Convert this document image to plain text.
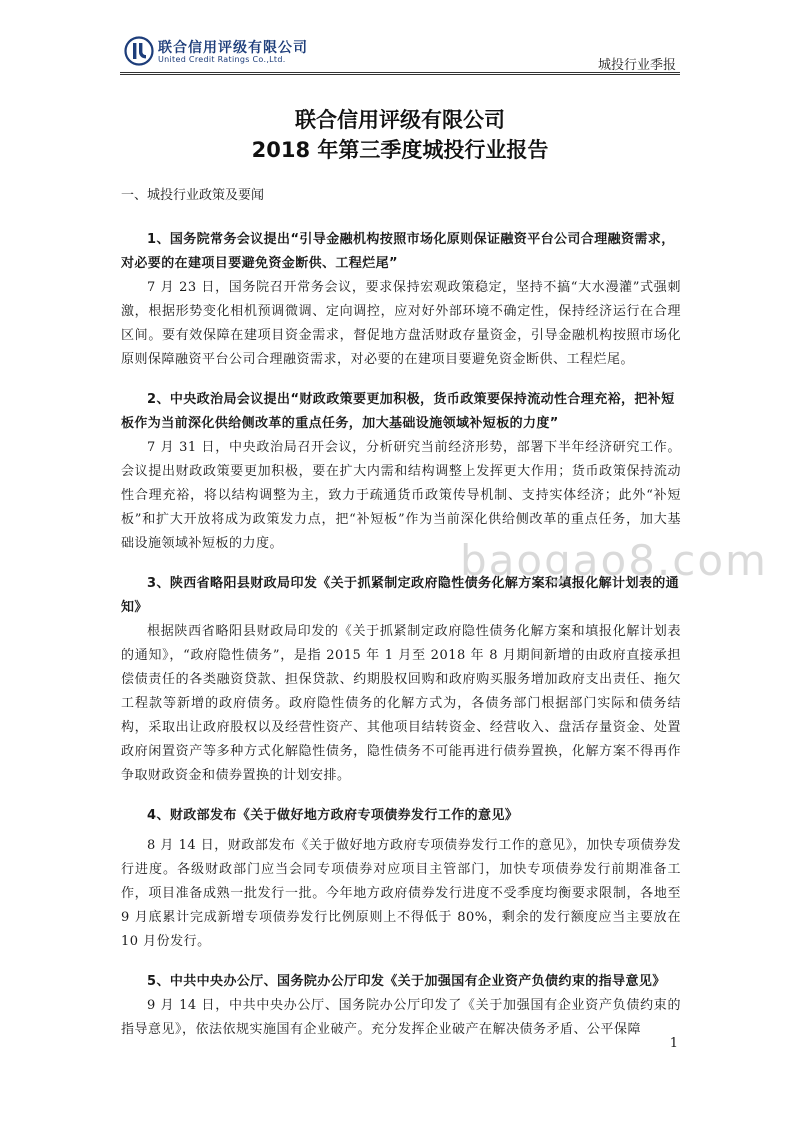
联合信用评级有限公司
United Credit Ratings Co.,Ltd.	城投行业季报
联合信用评级有限公司
2018 年第三季度城投行业报告

一、城投行业政策及要闻

1、国务院常务会议提出“引导金融机构按照市场化原则保证融资平台公司合理融资需求，对必要的在建项目要避免资金断供、工程烂尾”

7 月 23 日，国务院召开常务会议，要求保持宏观政策稳定，坚持不搞“大水漫灌”式强刺激，根据形势变化相机预调微调、定向调控，应对好外部环境不确定性，保持经济运行在合理区间。要有效保障在建项目资金需求，督促地方盘活财政存量资金，引导金融机构按照市场化原则保障融资平台公司合理融资需求，对必要的在建项目要避免资金断供、工程烂尾。

2、中央政治局会议提出“财政政策要更加积极，货币政策要保持流动性合理充裕，把补短板作为当前深化供给侧改革的重点任务，加大基础设施领域补短板的力度”

7 月 31 日，中央政治局召开会议，分析研究当前经济形势，部署下半年经济研究工作。会议提出财政政策要更加积极，要在扩大内需和结构调整上发挥更大作用；货币政策保持流动性合理充裕，将以结构调整为主，致力于疏通货币政策传导机制、支持实体经济；此外“补短板”和扩大开放将成为政策发力点，把“补短板”作为当前深化供给侧改革的重点任务，加大基础设施领域补短板的力度。

3、陕西省略阳县财政局印发《关于抓紧制定政府隐性债务化解方案和填报化解计划表的通知》

根据陕西省略阳县财政局印发的《关于抓紧制定政府隐性债务化解方案和填报化解计划表的通知》，“政府隐性债务”，是指 2015 年 1 月至 2018 年 8 月期间新增的由政府直接承担偿债责任的各类融资贷款、担保贷款、约期股权回购和政府购买服务增加政府支出责任、拖欠工程款等新增的政府债务。政府隐性债务的化解方式为，各债务部门根据部门实际和债务结构，采取出让政府股权以及经营性资产、其他项目结转资金、经营收入、盘活存量资金、处置政府闲置资产等多种方式化解隐性债务，隐性债务不可能再进行债券置换，化解方案不得再作争取财政资金和债券置换的计划安排。

4、财政部发布《关于做好地方政府专项债券发行工作的意见》

8 月 14 日，财政部发布《关于做好地方政府专项债券发行工作的意见》，加快专项债券发行进度。各级财政部门应当会同专项债券对应项目主管部门，加快专项债券发行前期准备工作，项目准备成熟一批发行一批。今年地方政府债券发行进度不受季度均衡要求限制，各地至 9 月底累计完成新增专项债券发行比例原则上不得低于 80%，剩余的发行额度应当主要放在 10 月份发行。

5、中共中央办公厅、国务院办公厅印发《关于加强国有企业资产负债约束的指导意见》

9 月 14 日，中共中央办公厅、国务院办公厅印发了《关于加强国有企业资产负债约束的指导意见》，依法依规实施国有企业破产。充分发挥企业破产在解决债务矛盾、公平保障

baogao8.com
1
